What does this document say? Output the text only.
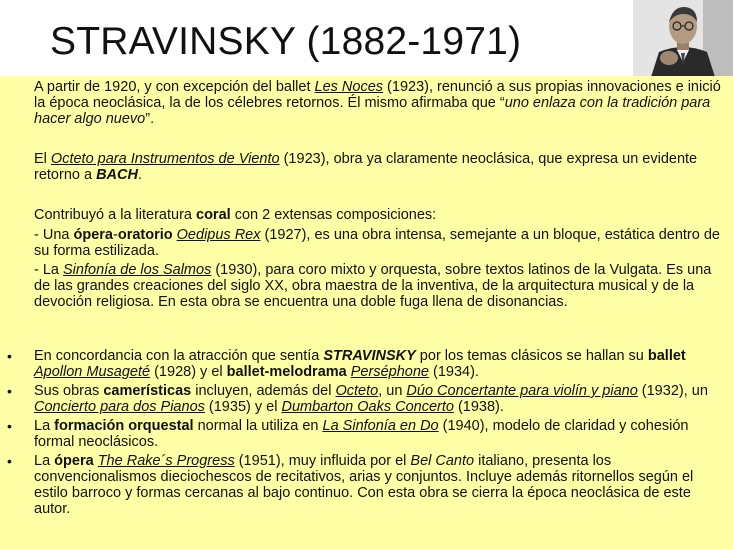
STRAVINSKY (1882-1971)
A partir de 1920, y con excepción del ballet Les Noces (1923), renunció a sus propias innovaciones e inició la época neoclásica, la de los célebres retornos. Él mismo afirmaba que “uno enlaza con la tradición para hacer algo nuevo”.
El Octeto para Instrumentos de Viento (1923), obra ya claramente neoclásica, que expresa un evidente retorno a BACH.
Contribuyó a la literatura coral con 2 extensas composiciones:
- Una ópera-oratorio Oedipus Rex (1927), es una obra intensa, semejante a un bloque, estática dentro de su forma estilizada.
- La Sinfonía de los Salmos (1930), para coro mixto y orquesta, sobre textos latinos de la Vulgata. Es una de las grandes creaciones del siglo XX, obra maestra de la inventiva, de la arquitectura musical y de la devoción religiosa. En esta obra se encuentra una doble fuga llena de disonancias.
• En concordancia con la atracción que sentía STRAVINSKY por los temas clásicos se hallan su ballet Apollon Musageté (1928) y el ballet-melodrama Perséphone (1934).
• Sus obras camerísticas incluyen, además del Octeto, un Dúo Concertante para violín y piano (1932), un Concierto para dos Pianos (1935) y el Dumbarton Oaks Concerto (1938).
• La formación orquestal normal la utiliza en La Sinfonía en Do (1940), modelo de claridad y cohesión formal neoclásicos.
• La ópera The Rake´s Progress (1951), muy influida por el Bel Canto italiano, presenta los convencionalismos dieciochescos de recitativos, arias y conjuntos. Incluye además ritornellos según el estilo barroco y formas cercanas al bajo continuo. Con esta obra se cierra la época neoclásica de este autor.
